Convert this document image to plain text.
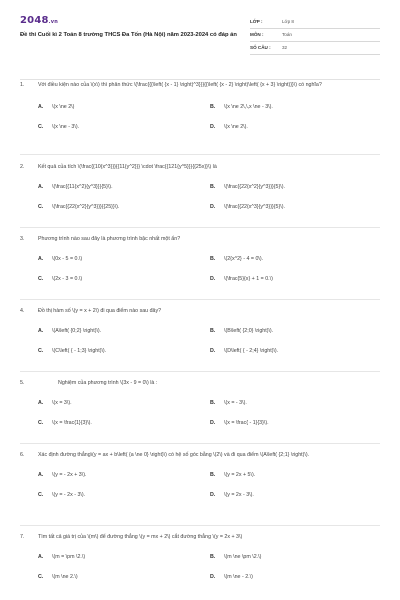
2048.vn
Đề thi Cuối kì 2 Toán 8 trường THCS Đa Tốn (Hà Nội) năm 2023-2024 có đáp án
LỚP :	Lớp 8
MÔN :	Toán
SỐ CÂU :	32
1.	Với điều kiện nào của \(x\) thì phân thức \(\frac{{{\left( {x - 1} \right)^3}}}{{\left( {x - 2} \right)\left( {x + 3} \right)}}\) có nghĩa?
A.	\(x \ne 2\)	B.	\(x \ne 2\,\,x \ne - 3\).
C.	\(x \ne - 3\).	D.	\(x \ne 2\).
2.	Kết quả của tích \(\frac{{10{x^3}}}{{11{y^2}}} \cdot \frac{{121{y^5}}}{{25x}}\) là
A.	\(\frac{{11{x^2}{y^3}}}{5}\).	B.	\(\frac{{22{x^2}{y^3}}}{5}\).
C.	\(\frac{{22{x^2}{y^3}}}{{25}}\).	D.	\(\frac{{22{x^3}{y^3}}}{5}\).
3.	Phương trình nào sau đây là phương trình bậc nhất một ẩn?
A.	\(0x - 5 = 0.\)	B.	\(2{x^2} - 4 = 0\).
C.	\(2x - 3 = 0.\)	D.	\(\frac{5}{x} + 1 = 0.\)
4.	Đồ thị hàm số \(y = x + 2\) đi qua điểm nào sau đây?
A.	\(A\left( {0;2} \right)\).	B.	\(B\left( {2;0} \right)\).
C.	\(C\left( { - 1;3} \right)\).	D.	\(D\left( { - 2;4} \right)\).
5.	Nghiệm của phương trình \(3x - 9 = 0\) là :
A.	\(x = 3\).	B.	\(x = - 3\).
C.	\(x = \frac{1}{3}\).	D.	\(x = \frac{ - 1}{3}\).
6.	Xác định đường thẳng\(y = ax + b\left( {a \ne 0} \right)\) có hệ số góc bằng \(2\) và đi qua điểm \(A\left( {2;1} \right)\).
A.	\(y = - 2x + 3\).	B.	\(y = 2x + 5\).
C.	\(y = - 2x - 3\).	D.	\(y = 2x - 3\).
7.	Tìm tất cả giá trị của \(m\) để đường thẳng \(y = mx + 2\) cắt đường thẳng \(y = 2x + 3\)
A.	\(m = \pm \2.\)	B.	\(m \ne \pm \2.\)
C.	\(m \ne 2.\)	D.	\(m \ne - 2.\)
